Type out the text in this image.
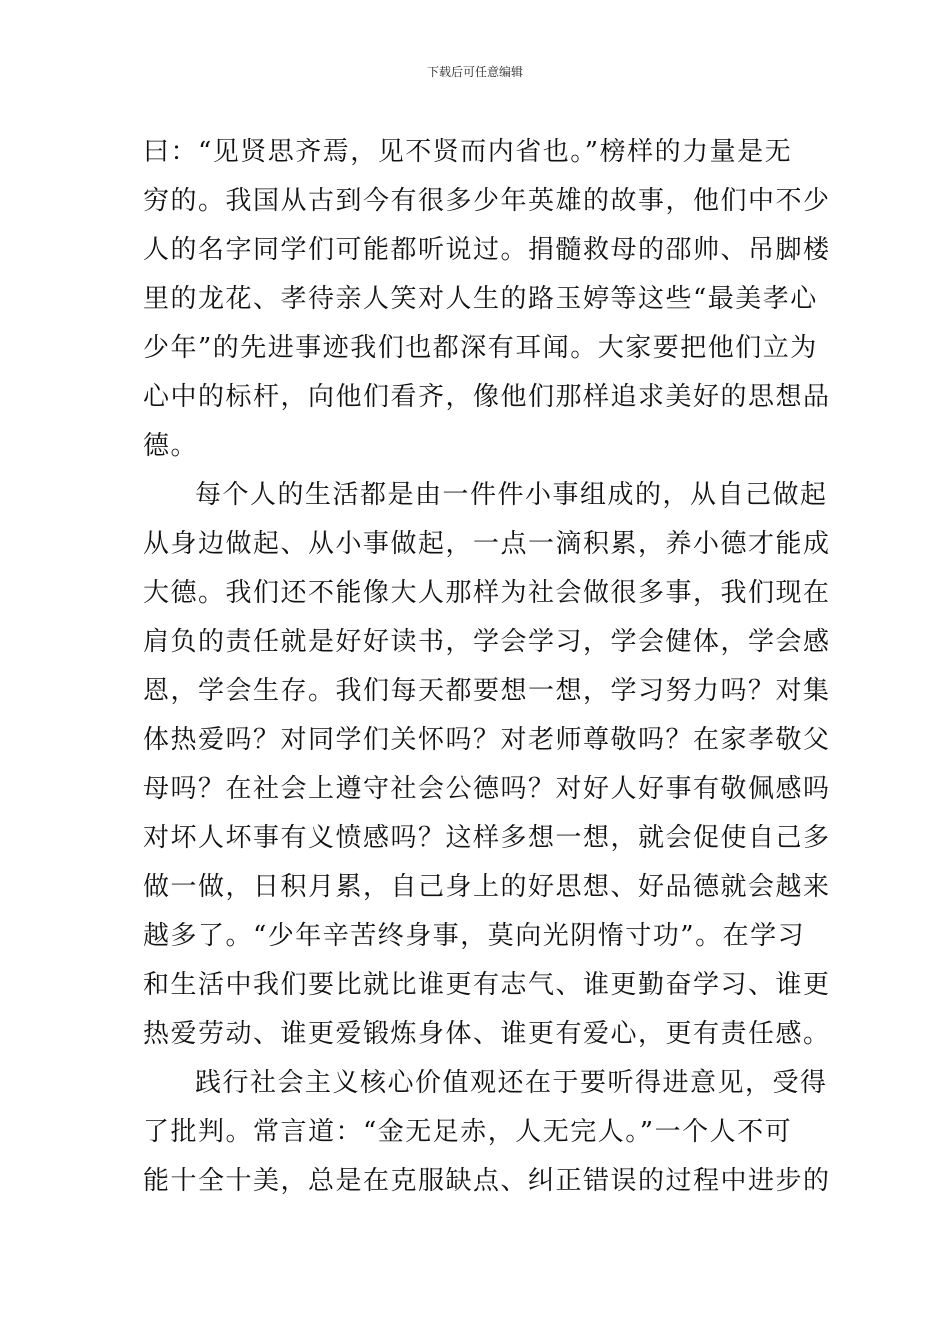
下载后可任意编辑
曰：“见贤思齐焉，见不贤而内省也。”榜样的力量是无
穷的。我国从古到今有很多少年英雄的故事，他们中不少
人的名字同学们可能都听说过。捐髓救母的邵帅、吊脚楼
里的龙花、孝待亲人笑对人生的路玉婷等这些“最美孝心
少年”的先进事迹我们也都深有耳闻。大家要把他们立为
心中的标杆，向他们看齐，像他们那样追求美好的思想品
德。
每个人的生活都是由一件件小事组成的，从自己做起
从身边做起、从小事做起，一点一滴积累，养小德才能成
大德。我们还不能像大人那样为社会做很多事，我们现在
肩负的责任就是好好读书，学会学习，学会健体，学会感
恩，学会生存。我们每天都要想一想，学习努力吗？对集
体热爱吗？对同学们关怀吗？对老师尊敬吗？在家孝敬父
母吗？在社会上遵守社会公德吗？对好人好事有敬佩感吗
对坏人坏事有义愤感吗？这样多想一想，就会促使自己多
做一做，日积月累，自己身上的好思想、好品德就会越来
越多了。“少年辛苦终身事，莫向光阴惰寸功”。在学习
和生活中我们要比就比谁更有志气、谁更勤奋学习、谁更
热爱劳动、谁更爱锻炼身体、谁更有爱心，更有责任感。
践行社会主义核心价值观还在于要听得进意见，受得
了批判。常言道：“金无足赤，人无完人。”一个人不可
能十全十美，总是在克服缺点、纠正错误的过程中进步的
